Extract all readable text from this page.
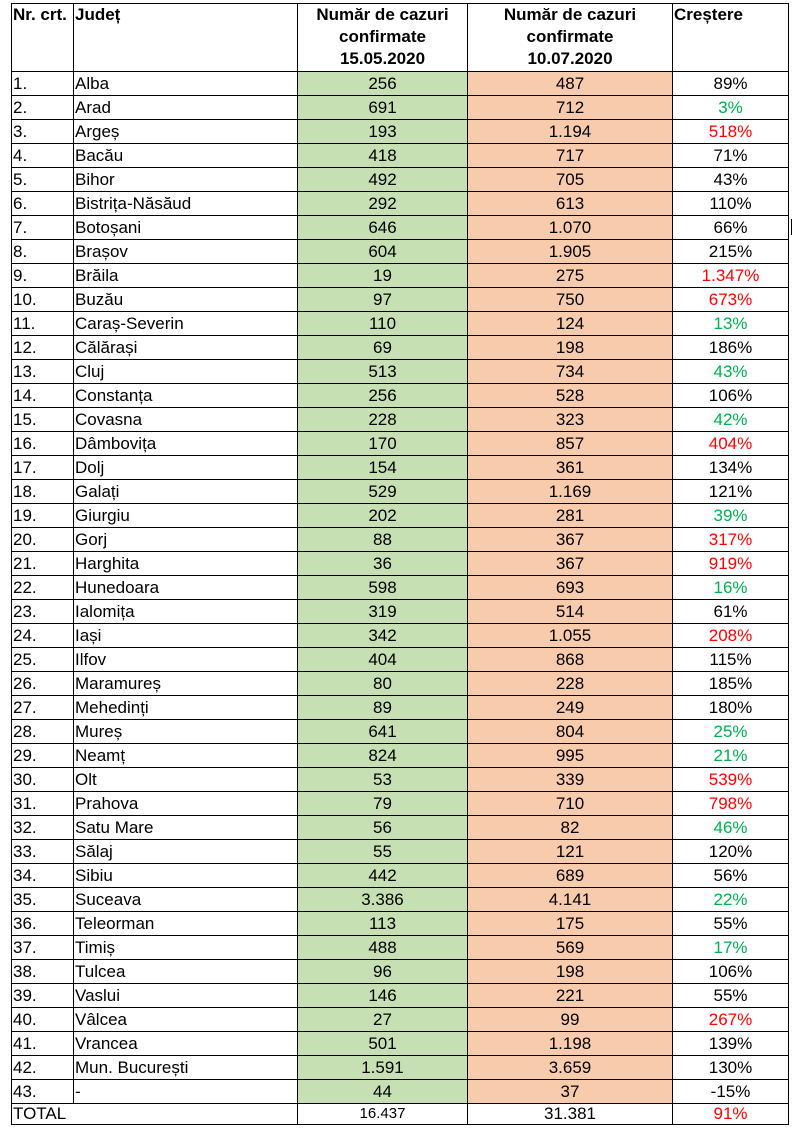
Nr. crt.	Județ	Număr de cazuri confirmate 15.05.2020	Număr de cazuri confirmate 10.07.2020	Creștere
1.	Alba	256	487	89%
2.	Arad	691	712	3%
3.	Argeș	193	1.194	518%
4.	Bacău	418	717	71%
5.	Bihor	492	705	43%
6.	Bistrița-Năsăud	292	613	110%
7.	Botoșani	646	1.070	66%
8.	Brașov	604	1.905	215%
9.	Brăila	19	275	1.347%
10.	Buzău	97	750	673%
11.	Caraș-Severin	110	124	13%
12.	Călărași	69	198	186%
13.	Cluj	513	734	43%
14.	Constanța	256	528	106%
15.	Covasna	228	323	42%
16.	Dâmbovița	170	857	404%
17.	Dolj	154	361	134%
18.	Galați	529	1.169	121%
19.	Giurgiu	202	281	39%
20.	Gorj	88	367	317%
21.	Harghita	36	367	919%
22.	Hunedoara	598	693	16%
23.	Ialomița	319	514	61%
24.	Iași	342	1.055	208%
25.	Ilfov	404	868	115%
26.	Maramureș	80	228	185%
27.	Mehedinți	89	249	180%
28.	Mureș	641	804	25%
29.	Neamț	824	995	21%
30.	Olt	53	339	539%
31.	Prahova	79	710	798%
32.	Satu Mare	56	82	46%
33.	Sălaj	55	121	120%
34.	Sibiu	442	689	56%
35.	Suceava	3.386	4.141	22%
36.	Teleorman	113	175	55%
37.	Timiș	488	569	17%
38.	Tulcea	96	198	106%
39.	Vaslui	146	221	55%
40.	Vâlcea	27	99	267%
41.	Vrancea	501	1.198	139%
42.	Mun. București	1.591	3.659	130%
43.	-	44	37	-15%
TOTAL		16.437	31.381	91%
